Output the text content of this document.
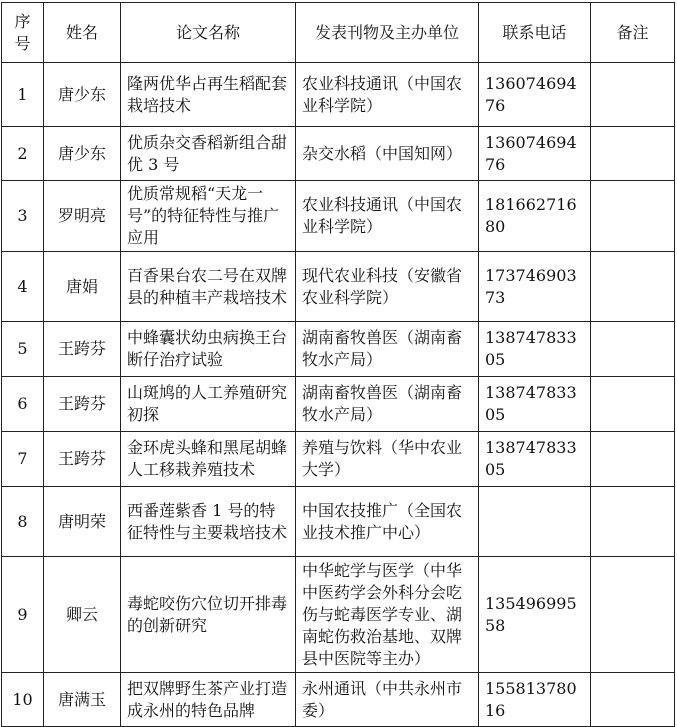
序号	姓名	论文名称	发表刊物及主办单位	联系电话	备注
1	唐少东	隆两优华占再生稻配套栽培技术	农业科技通讯（中国农业科学院）	13607469476	
2	唐少东	优质杂交香稻新组合甜优 3 号	杂交水稻（中国知网）	13607469476	
3	罗明亮	优质常规稻“天龙一号”的特征特性与推广应用	农业科技通讯（中国农业科学院）	18166271680	
4	唐娟	百香果台农二号在双牌县的种植丰产栽培技术	现代农业科技（安徽省农业科学院）	17374690373	
5	王跨芬	中蜂囊状幼虫病换王台断仔治疗试验	湖南畜牧兽医（湖南畜牧水产局）	13874783305	
6	王跨芬	山斑鸠的人工养殖研究初探	湖南畜牧兽医（湖南畜牧水产局）	13874783305	
7	王跨芬	金环虎头蜂和黑尾胡蜂人工移栽养殖技术	养殖与饮料（华中农业大学）	13874783305	
8	唐明荣	西番莲紫香 1 号的特征特性与主要栽培技术	中国农技推广（全国农业技术推广中心）		
9	卿云	毒蛇咬伤穴位切开排毒的创新研究	中华蛇学与医学（中华中医药学会外科分会吃伤与蛇毒医学专业、湖南蛇伤救治基地、双牌县中医院等主办）	13549699558	
10	唐满玉	把双牌野生茶产业打造成永州的特色品牌	永州通讯（中共永州市委）	15581378016	
